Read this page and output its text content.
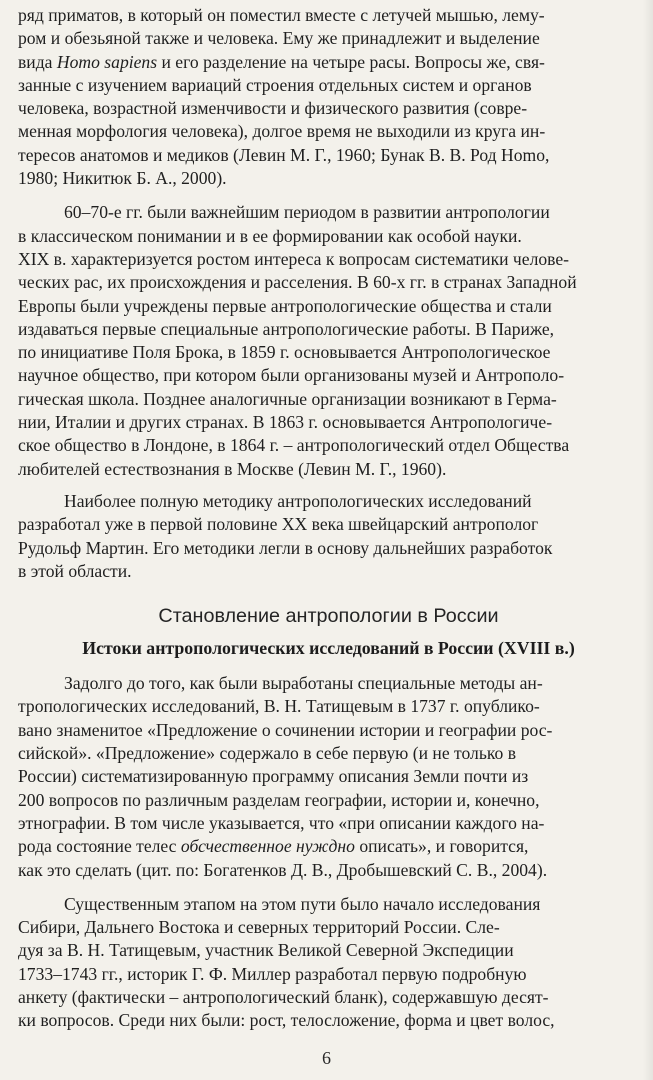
ряд приматов, в который он поместил вместе с летучей мышью, лему-
ром и обезьяной также и человека. Ему же принадлежит и выделение
вида Homo sapiens и его разделение на четыре расы. Вопросы же, свя-
занные с изучением вариаций строения отдельных систем и органов
человека, возрастной изменчивости и физического развития (совре-
менная морфология человека), долгое время не выходили из круга ин-
тересов анатомов и медиков (Левин М. Г., 1960; Бунак В. В. Род Homo,
1980; Никитюк Б. А., 2000).

60–70-е гг. были важнейшим периодом в развитии антропологии
в классическом понимании и в ее формировании как особой науки.
XIX в. характеризуется ростом интереса к вопросам систематики челове-
ческих рас, их происхождения и расселения. В 60-х гг. в странах Западной
Европы были учреждены первые антропологические общества и стали
издаваться первые специальные антропологические работы. В Париже,
по инициативе Поля Брока, в 1859 г. основывается Антропологическое
научное общество, при котором были организованы музей и Антрополо-
гическая школа. Позднее аналогичные организации возникают в Герма-
нии, Италии и других странах. В 1863 г. основывается Антропологиче-
ское общество в Лондоне, в 1864 г. – антропологический отдел Общества
любителей естествознания в Москве (Левин М. Г., 1960).

Наиболее полную методику антропологических исследований
разработал уже в первой половине XX века швейцарский антрополог
Рудольф Мартин. Его методики легли в основу дальнейших разработок
в этой области.

Становление антропологии в России
Истоки антропологических исследований в России (XVIII в.)

Задолго до того, как были выработаны специальные методы ан-
тропологических исследований, В. Н. Татищевым в 1737 г. опублико-
вано знаменитое «Предложение о сочинении истории и географии рос-
сийской». «Предложение» содержало в себе первую (и не только в
России) систематизированную программу описания Земли почти из
200 вопросов по различным разделам географии, истории и, конечно,
этнографии. В том числе указывается, что «при описании каждого на-
рода состояние телес обсчественное нуждно описать», и говорится,
как это сделать (цит. по: Богатенков Д. В., Дробышевский С. В., 2004).

Существенным этапом на этом пути было начало исследования
Сибири, Дальнего Востока и северных территорий России. Сле-
дуя за В. Н. Татищевым, участник Великой Северной Экспедиции
1733–1743 гг., историк Г. Ф. Миллер разработал первую подробную
анкету (фактически – антропологический бланк), содержавшую десят-
ки вопросов. Среди них были: рост, телосложение, форма и цвет волос,

6
